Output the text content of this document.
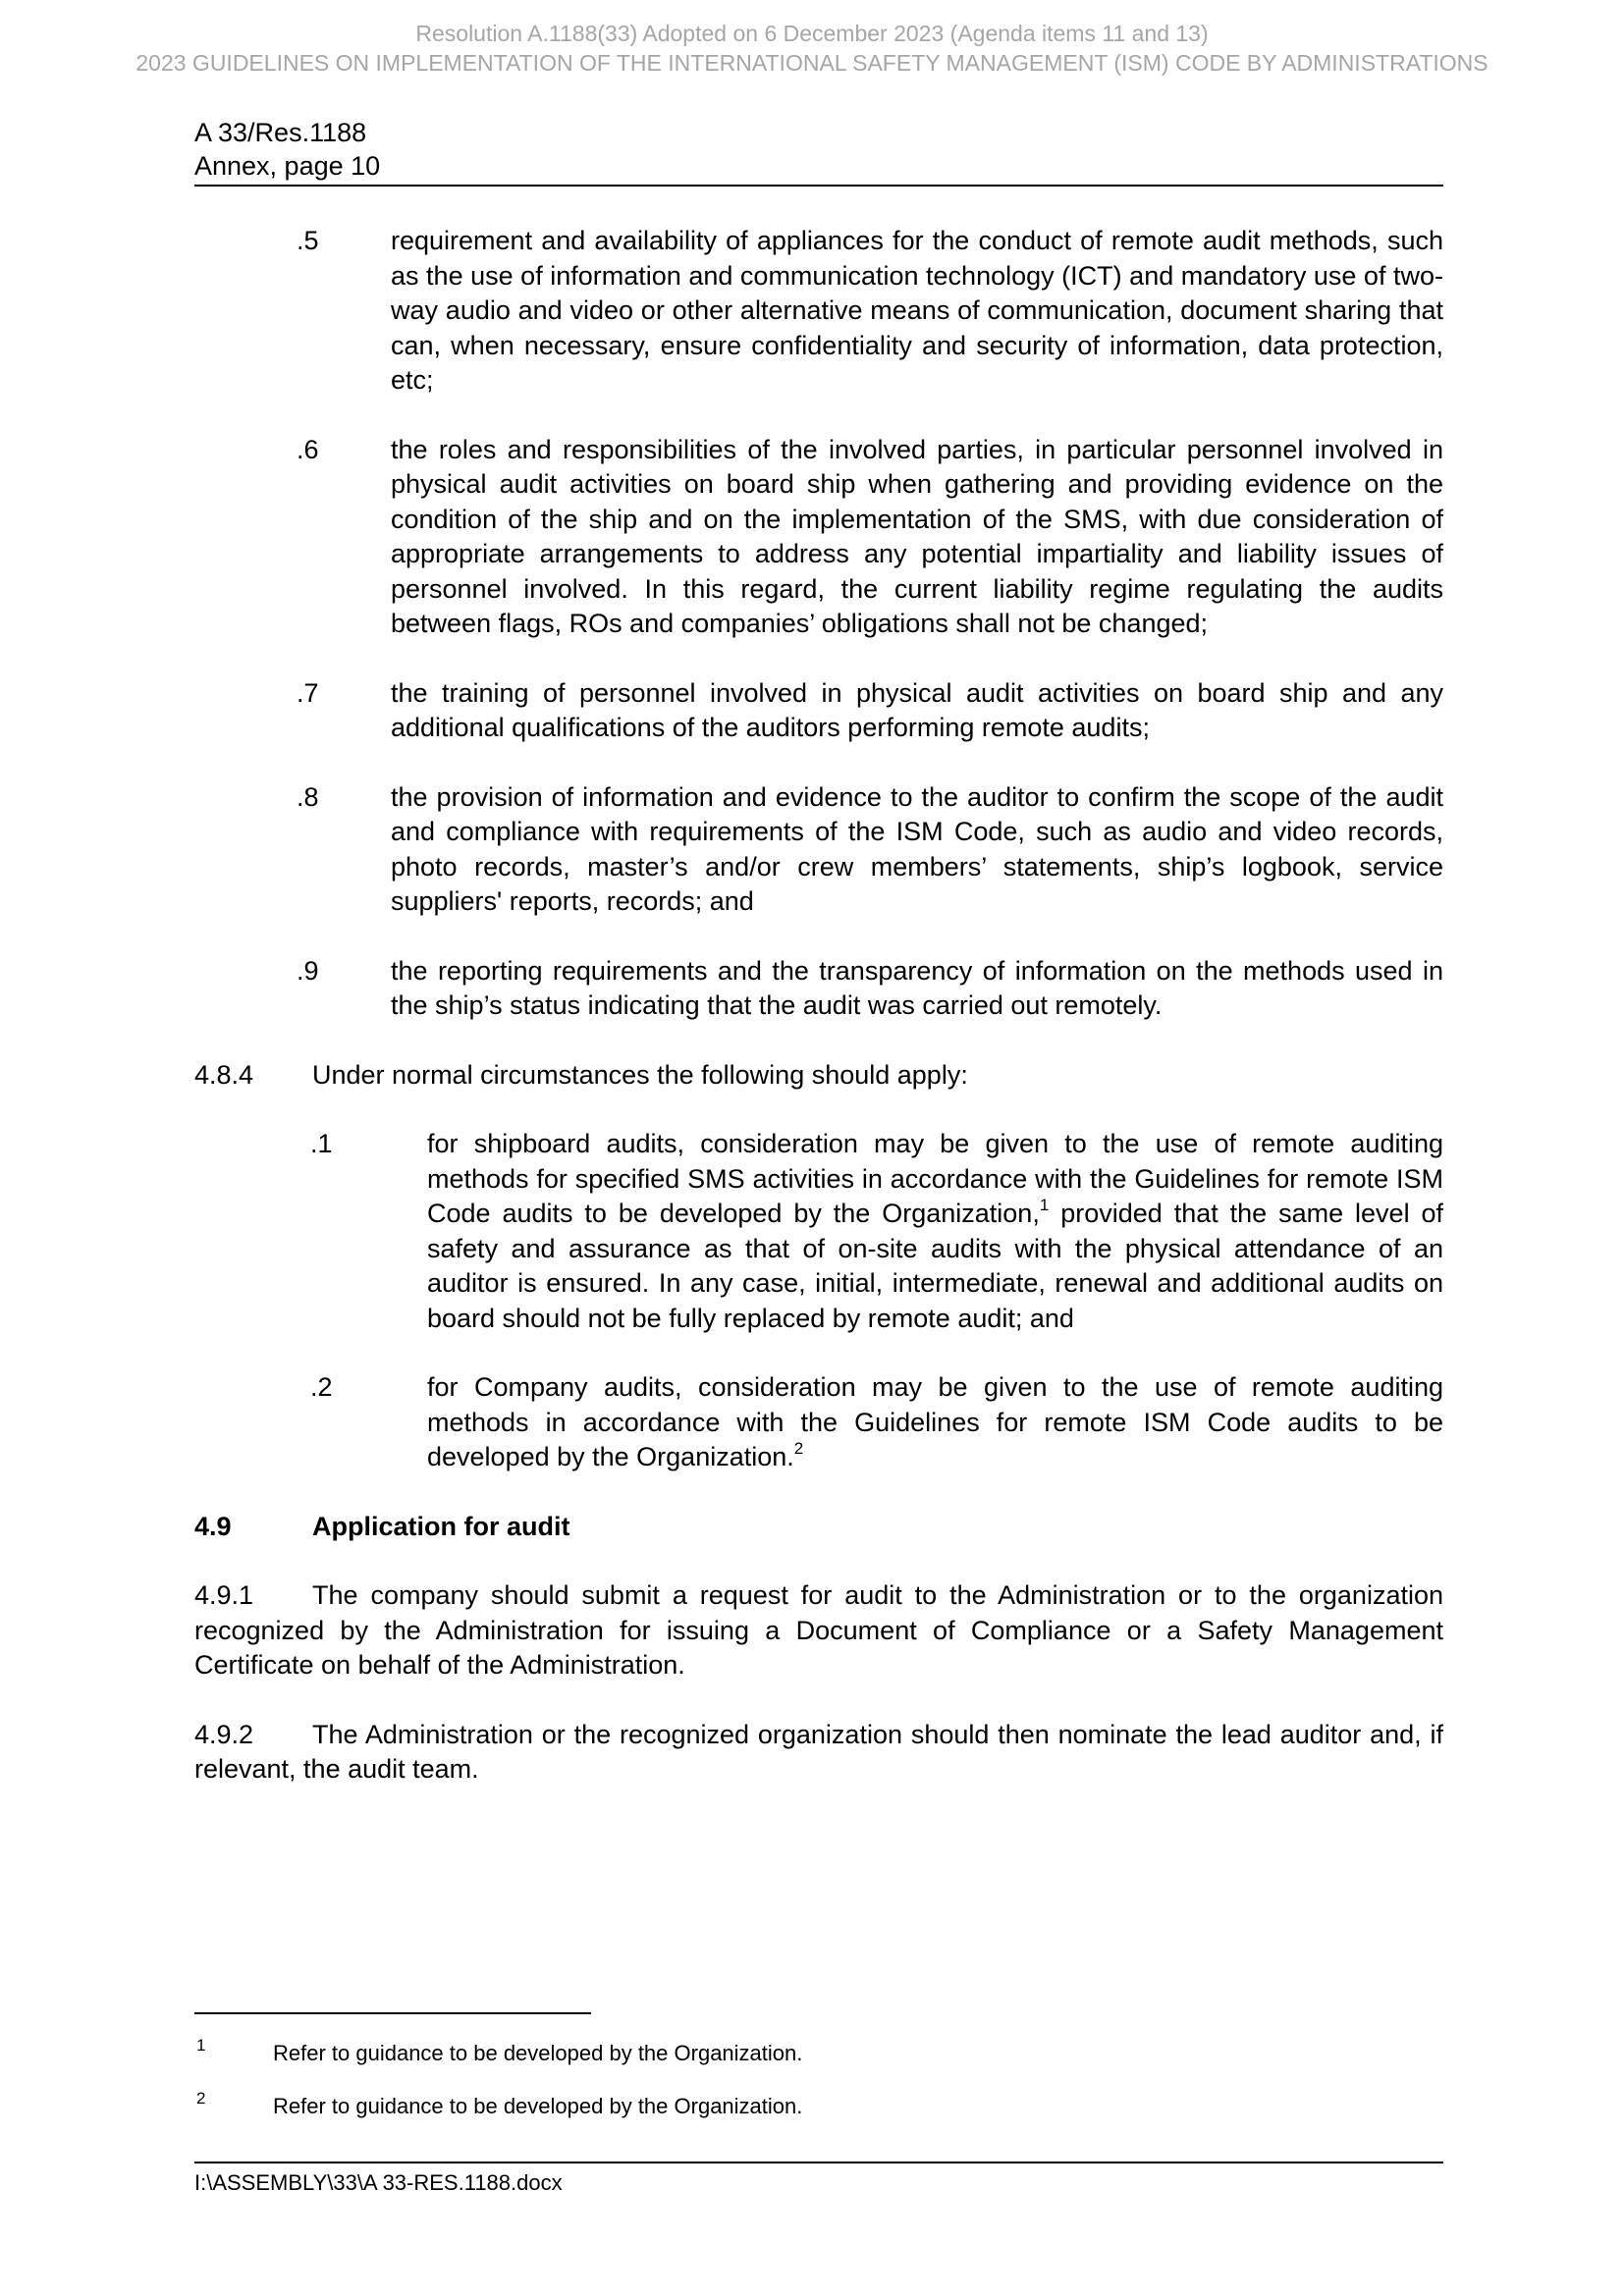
Resolution A.1188(33) Adopted on 6 December 2023 (Agenda items 11 and 13)
2023 GUIDELINES ON IMPLEMENTATION OF THE INTERNATIONAL SAFETY MANAGEMENT (ISM) CODE BY ADMINISTRATIONS
A 33/Res.1188
Annex, page 10
.5	requirement and availability of appliances for the conduct of remote audit methods, such as the use of information and communication technology (ICT) and mandatory use of two-way audio and video or other alternative means of communication, document sharing that can, when necessary, ensure confidentiality and security of information, data protection, etc;
.6	the roles and responsibilities of the involved parties, in particular personnel involved in physical audit activities on board ship when gathering and providing evidence on the condition of the ship and on the implementation of the SMS, with due consideration of appropriate arrangements to address any potential impartiality and liability issues of personnel involved. In this regard, the current liability regime regulating the audits between flags, ROs and companies’ obligations shall not be changed;
.7	the training of personnel involved in physical audit activities on board ship and any additional qualifications of the auditors performing remote audits;
.8	the provision of information and evidence to the auditor to confirm the scope of the audit and compliance with requirements of the ISM Code, such as audio and video records, photo records, master’s and/or crew members’ statements, ship’s logbook, service suppliers' reports, records; and
.9	the reporting requirements and the transparency of information on the methods used in the ship’s status indicating that the audit was carried out remotely.
4.8.4 Under normal circumstances the following should apply:
.1	for shipboard audits, consideration may be given to the use of remote auditing methods for specified SMS activities in accordance with the Guidelines for remote ISM Code audits to be developed by the Organization,$^1$ provided that the same level of safety and assurance as that of on-site audits with the physical attendance of an auditor is ensured. In any case, initial, intermediate, renewal and additional audits on board should not be fully replaced by remote audit; and
.2	for Company audits, consideration may be given to the use of remote auditing methods in accordance with the Guidelines for remote ISM Code audits to be developed by the Organization.$^2$
4.9	Application for audit
4.9.1 The company should submit a request for audit to the Administration or to the organization recognized by the Administration for issuing a Document of Compliance or a Safety Management Certificate on behalf of the Administration.
4.9.2 The Administration or the recognized organization should then nominate the lead auditor and, if relevant, the audit team.
1	Refer to guidance to be developed by the Organization.
2	Refer to guidance to be developed by the Organization.
I:\ASSEMBLY\33\A 33-RES.1188.docx
